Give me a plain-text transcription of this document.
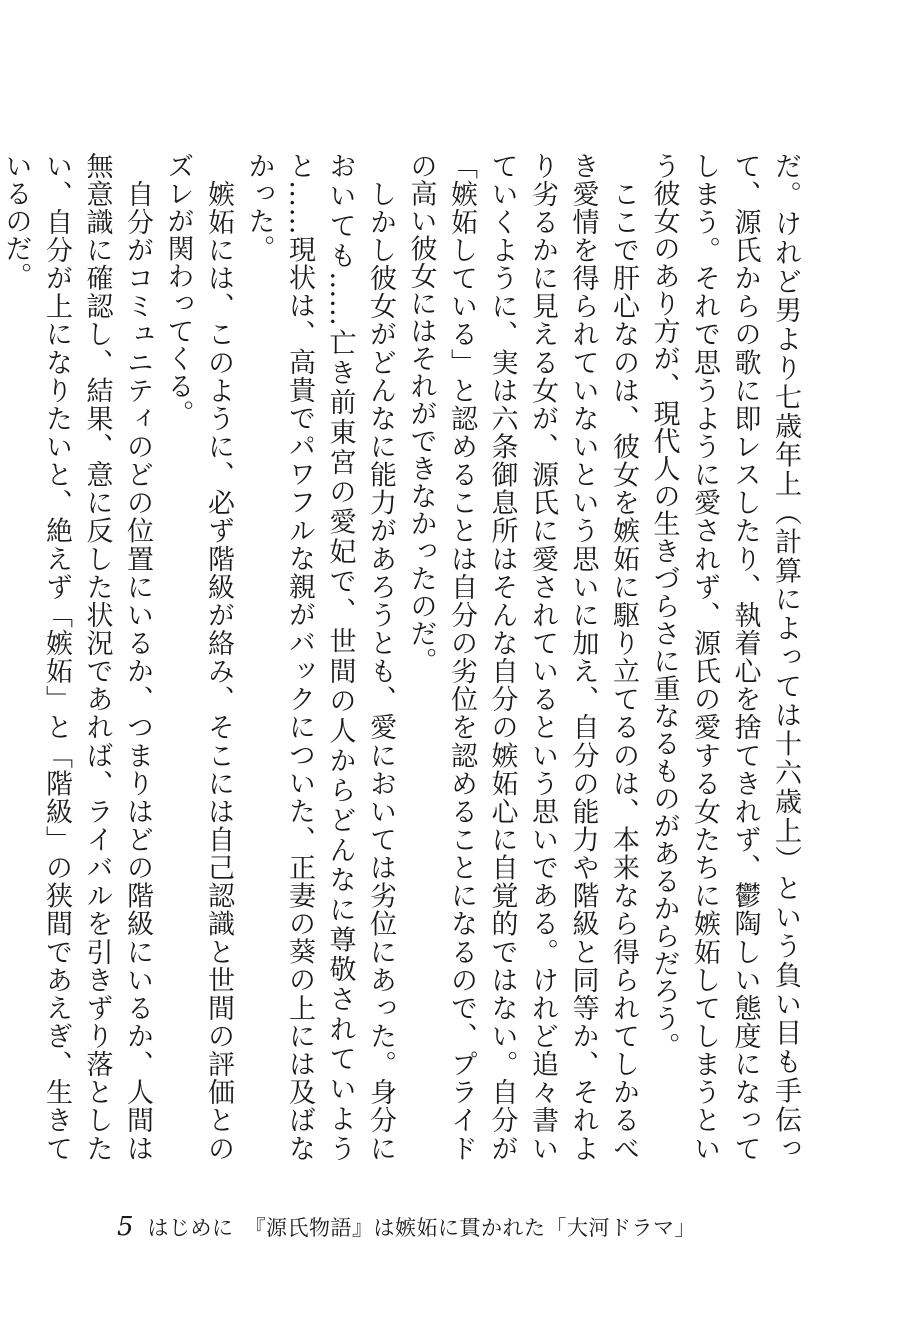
だ。けれど男より七歳年上（計算によっては十六歳上）という負い目も手伝って、源氏からの歌に即レスしたり、執着心を捨てきれず、鬱陶しい態度になってしまう。それで思うように愛されず、源氏の愛する女たちに嫉妬してしまうという彼女のあり方が、現代人の生きづらさに重なるものがあるからだろう。

　ここで肝心なのは、彼女を嫉妬に駆り立てるのは、本来なら得られてしかるべき愛情を得られていないという思いに加え、自分の能力や階級と同等か、それより劣るかに見える女が、源氏に愛されているという思いである。けれど追々書いていくように、実は六条御息所はそんな自分の嫉妬心に自覚的ではない。自分が「嫉妬している」と認めることは自分の劣位を認めることになるので、プライドの高い彼女にはそれができなかったのだ。

　しかし彼女がどんなに能力があろうとも、愛においては劣位にあった。身分においても……亡き前東宮の愛妃で、世間の人からどんなに尊敬されていようと……現状は、高貴でパワフルな親がバックについた、正妻の葵の上には及ばなかった。

　嫉妬には、このように、必ず階級が絡み、そこには自己認識と世間の評価とのズレが関わってくる。

　自分がコミュニティのどの位置にいるか、つまりはどの階級にいるか、人間は無意識に確認し、結果、意に反した状況であれば、ライバルを引きずり落としたい、自分が上になりたいと、絶えず「嫉妬」と「階級」の狭間であえぎ、生きているのだ。

5 はじめに　『源氏物語』は嫉妬に貫かれた「大河ドラマ」
